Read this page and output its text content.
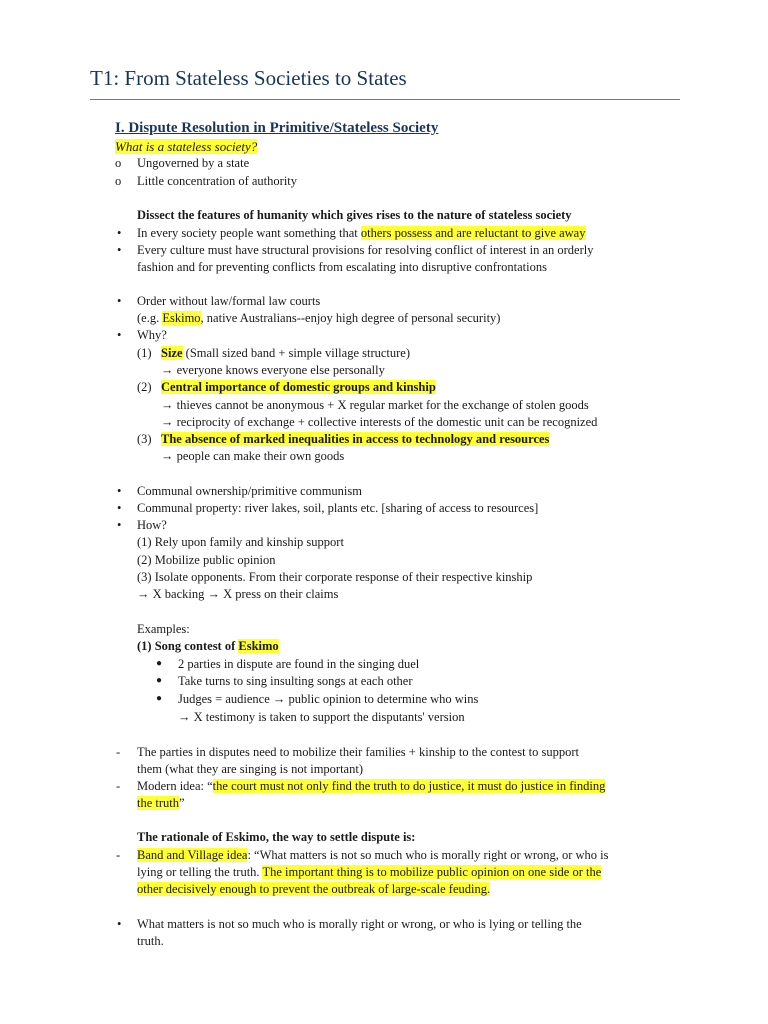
T1: From Stateless Societies to States
I. Dispute Resolution in Primitive/Stateless Society
What is a stateless society?
o Ungoverned by a state
o Little concentration of authority
Dissect the features of humanity which gives rises to the nature of stateless society
• In every society people want something that others possess and are reluctant to give away
• Every culture must have structural provisions for resolving conflict of interest in an orderly
fashion and for preventing conflicts from escalating into disruptive confrontations
• Order without law/formal law courts
(e.g. Eskimo, native Australians--enjoy high degree of personal security)
• Why?
(1) Size (Small sized band + simple village structure)
→ everyone knows everyone else personally
(2) Central importance of domestic groups and kinship
→ thieves cannot be anonymous + X regular market for the exchange of stolen goods
→ reciprocity of exchange + collective interests of the domestic unit can be recognized
(3) The absence of marked inequalities in access to technology and resources
→ people can make their own goods
• Communal ownership/primitive communism
• Communal property: river lakes, soil, plants etc. [sharing of access to resources]
• How?
(1) Rely upon family and kinship support
(2) Mobilize public opinion
(3) Isolate opponents. From their corporate response of their respective kinship
→ X backing → X press on their claims
Examples:
(1) Song contest of Eskimo
● 2 parties in dispute are found in the singing duel
● Take turns to sing insulting songs at each other
● Judges = audience → public opinion to determine who wins
→ X testimony is taken to support the disputants' version
- The parties in disputes need to mobilize their families + kinship to the contest to support
them (what they are singing is not important)
- Modern idea: “the court must not only find the truth to do justice, it must do justice in finding
the truth”
The rationale of Eskimo, the way to settle dispute is:
- Band and Village idea: “What matters is not so much who is morally right or wrong, or who is
lying or telling the truth. The important thing is to mobilize public opinion on one side or the
other decisively enough to prevent the outbreak of large-scale feuding.
• What matters is not so much who is morally right or wrong, or who is lying or telling the
truth.
